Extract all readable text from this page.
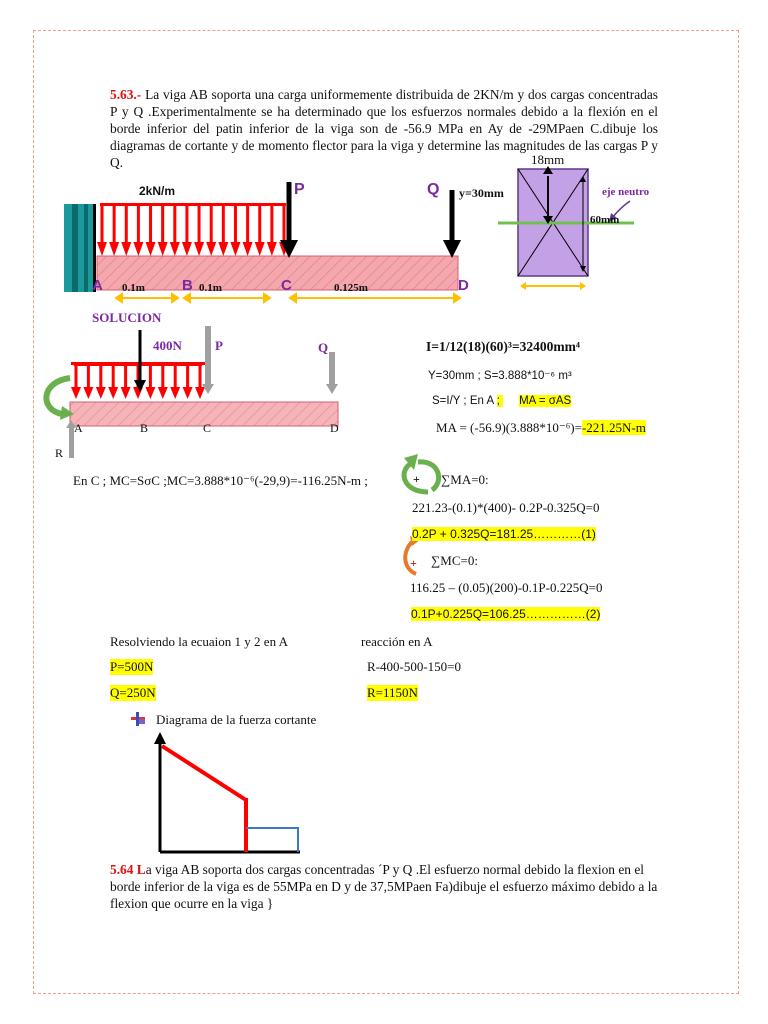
5.63.- La viga AB soporta una carga uniformemente distribuida de 2KN/m y dos cargas concentradas P y Q .Experimentalmente se ha determinado que los esfuerzos normales debido a la flexión en el borde inferior del patin inferior de la viga son de -56.9 MPa en Ay de -29MPaen C.dibuje los diagramas de cortante y de momento flector para la viga y determine las magnitudes de las cargas P y Q.
2kN/m	P	Q y=30mm
A	B	C	D
0.1m	0.1m	0.125m
18mm
60mm
eje neutro
SOLUCION
400N	P	Q
A	B	C	D
R
I=1/12(18)(60)³=32400mm⁴
Y=30mm ; S=3.888*10⁻⁶ m³
S=I/Y ; En A ;      MA = σAS
MA = (-56.9)(3.888*10⁻⁶)=-221.25N-m
En C ; MC=SσC ;MC=3.888*10⁻⁶(-29,9)=-116.25N-m ;	+ ∑MA=0:
221.23-(0.1)*(400)- 0.2P-0.325Q=0
0.2P + 0.325Q=181.25…………(1)
+ ∑MC=0:
116.25 – (0.05)(200)-0.1P-0.225Q=0
0.1P+0.225Q=106.25……………(2)
Resolviendo la ecuaion 1 y 2 en A	reacción en A
P=500N	R-400-500-150=0
Q=250N	R=1150N
Diagrama de la fuerza cortante
5.64 La viga AB soporta dos cargas concentradas ´P y Q .El esfuerzo normal debido la flexion en el borde inferior de la viga es de 55MPa en D y de 37,5MPaen Fa)dibuje el esfuerzo máximo debido a la flexion que ocurre en la viga }
